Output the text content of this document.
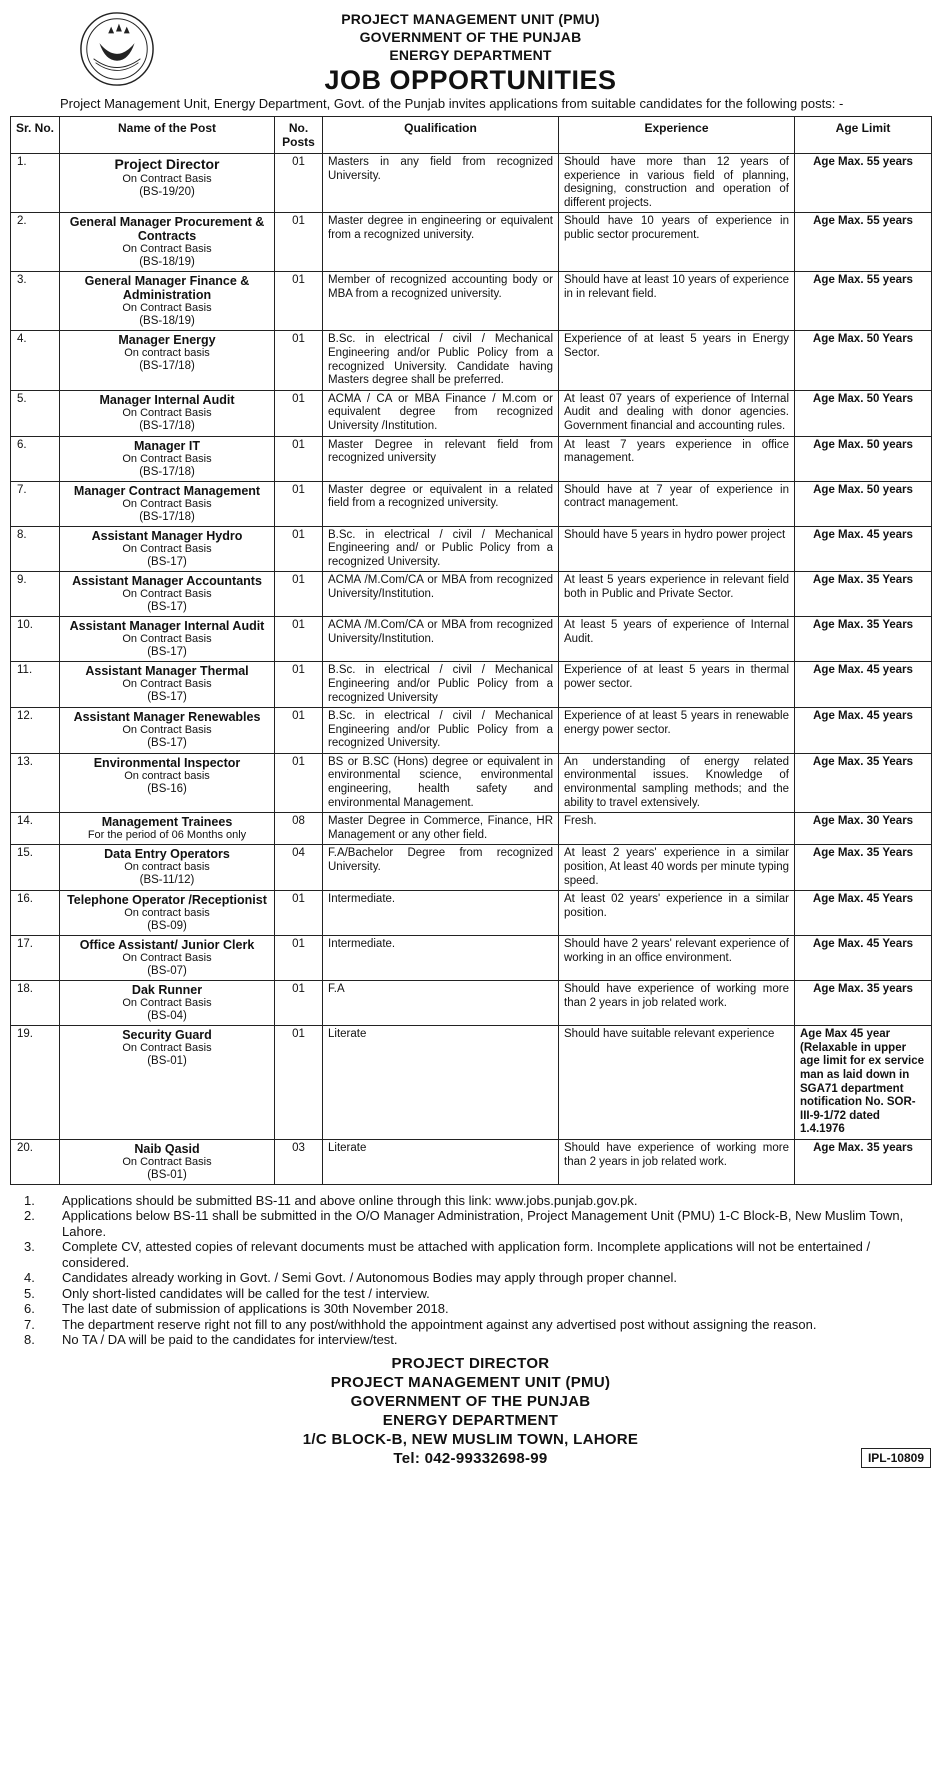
PROJECT MANAGEMENT UNIT (PMU)
GOVERNMENT OF THE PUNJAB
ENERGY DEPARTMENT
JOB OPPORTUNITIES
Project Management Unit, Energy Department, Govt. of the Punjab invites applications from suitable candidates for the following posts: -
Sr. No.	Name of the Post	No. Posts	Qualification	Experience	Age Limit
1.	Project Director
On Contract Basis
(BS-19/20)	01	Masters in any field from recognized University.	Should have more than 12 years of experience in various field of planning, designing, construction and operation of different projects.	Age Max. 55 years
2.	General Manager Procurement & Contracts
On Contract Basis
(BS-18/19)	01	Master degree in engineering or equivalent from a recognized university.	Should have 10 years of experience in public sector procurement.	Age Max. 55 years
3.	General Manager Finance & Administration
On Contract Basis
(BS-18/19)	01	Member of recognized accounting body or MBA from a recognized university.	Should have at least 10 years of experience in in relevant field.	Age Max. 55 years
4.	Manager Energy
On contract basis
(BS-17/18)	01	B.Sc. in electrical / civil / Mechanical Engineering and/or Public Policy from a recognized University. Candidate having Masters degree shall be preferred.	Experience of at least 5 years in Energy Sector.	Age Max. 50 Years
5.	Manager Internal Audit
On Contract Basis
(BS-17/18)	01	ACMA / CA or MBA Finance / M.com or equivalent degree from recognized University /Institution.	At least 07 years of experience of Internal Audit and dealing with donor agencies. Government financial and accounting rules.	Age Max. 50 Years
6.	Manager IT
On Contract Basis
(BS-17/18)	01	Master Degree in relevant field from recognized university	At least 7 years experience in office management.	Age Max. 50 years
7.	Manager Contract Management
On Contract Basis
(BS-17/18)	01	Master degree or equivalent in a related field from a recognized university.	Should have at 7 year of experience in contract management.	Age Max. 50 years
8.	Assistant Manager Hydro
On Contract Basis
(BS-17)	01	B.Sc. in electrical / civil / Mechanical Engineering and/ or Public Policy from a recognized University.	Should have 5 years in hydro power project	Age Max. 45 years
9.	Assistant Manager Accountants
On Contract Basis
(BS-17)	01	ACMA /M.Com/CA or MBA from recognized University/Institution.	At least 5 years experience in relevant field both in Public and Private Sector.	Age Max. 35 Years
10.	Assistant Manager Internal Audit
On Contract Basis
(BS-17)	01	ACMA /M.Com/CA or MBA from recognized University/Institution.	At least 5 years of experience of Internal Audit.	Age Max. 35 Years
11.	Assistant Manager Thermal
On Contract Basis
(BS-17)	01	B.Sc. in electrical / civil / Mechanical Engineering and/or Public Policy from a recognized University	Experience of at least 5 years in thermal power sector.	Age Max. 45 years
12.	Assistant Manager Renewables
On Contract Basis
(BS-17)	01	B.Sc. in electrical / civil / Mechanical Engineering and/or Public Policy from a recognized University.	Experience of at least 5 years in renewable energy power sector.	Age Max. 45 years
13.	Environmental Inspector
On contract basis
(BS-16)	01	BS or B.SC (Hons) degree or equivalent in environmental science, environmental engineering, health safety and environmental Management.	An understanding of energy related environmental issues. Knowledge of environmental sampling methods; and the ability to travel extensively.	Age Max. 35 Years
14.	Management Trainees
For the period of 06 Months only	08	Master Degree in Commerce, Finance, HR Management or any other field.	Fresh.	Age Max. 30 Years
15.	Data Entry Operators
On contract basis
(BS-11/12)	04	F.A/Bachelor Degree from recognized University.	At least 2 years' experience in a similar position, At least 40 words per minute typing speed.	Age Max. 35 Years
16.	Telephone Operator /Receptionist
On contract basis
(BS-09)	01	Intermediate.	At least 02 years' experience in a similar position.	Age Max. 45 Years
17.	Office Assistant/ Junior Clerk
On Contract Basis
(BS-07)	01	Intermediate.	Should have 2 years' relevant experience of working in an office environment.	Age Max. 45 Years
18.	Dak Runner
On Contract Basis
(BS-04)	01	F.A	Should have experience of working more than 2 years in job related work.	Age Max. 35 years
19.	Security Guard
On Contract Basis
(BS-01)	01	Literate	Should have suitable relevant experience	Age Max 45 year (Relaxable in upper age limit for ex service man as laid down in SGA71 department notification No. SOR-III-9-1/72 dated 1.4.1976
20.	Naib Qasid
On Contract Basis
(BS-01)	03	Literate	Should have experience of working more than 2 years in job related work.	Age Max. 35 years
1.	Applications should be submitted BS-11 and above online through this link: www.jobs.punjab.gov.pk.
2.	Applications below BS-11 shall be submitted in the O/O Manager Administration, Project Management Unit (PMU) 1-C Block-B, New Muslim Town, Lahore.
3.	Complete CV, attested copies of relevant documents must be attached with application form. Incomplete applications will not be entertained / considered.
4.	Candidates already working in Govt. / Semi Govt. / Autonomous Bodies may apply through proper channel.
5.	Only short-listed candidates will be called for the test / interview.
6.	The last date of submission of applications is 30th November 2018.
7.	The department reserve right not fill to any post/withhold the appointment against any advertised post without assigning the reason.
8.	No TA / DA will be paid to the candidates for interview/test.
PROJECT DIRECTOR
PROJECT MANAGEMENT UNIT (PMU)
GOVERNMENT OF THE PUNJAB
ENERGY DEPARTMENT
1/C BLOCK-B, NEW MUSLIM TOWN, LAHORE
Tel: 042-99332698-99	IPL-10809
